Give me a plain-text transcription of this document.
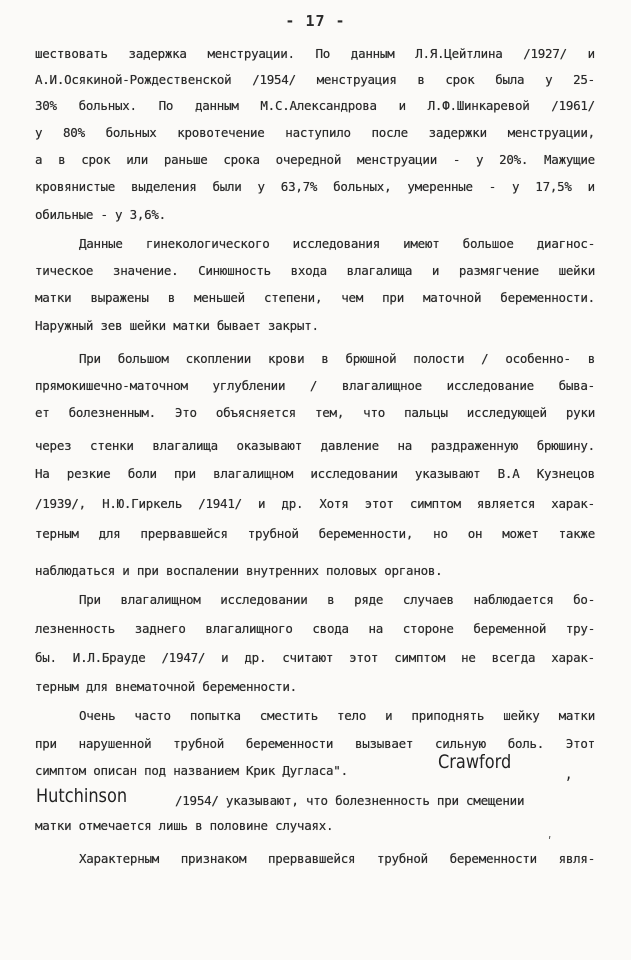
- 17 -
шествовать задержка менструации. По данным Л.Я.Цейтлина /1927/ и
А.И.Осякиной-Рождественской /1954/ менструация в срок была у 25-
30% больных. По данным М.С.Александрова и Л.Ф.Шинкаревой /1961/
у 80% больных кровотечение наступило после задержки менструации,
а в срок или раньше срока очередной менструации - у 20%. Мажущие
кровянистые выделения были у 63,7% больных, умеренные - у 17,5% и
обильные - у 3,6%.
Данные гинекологического исследования имеют большое диагнос-
тическое значение. Синюшность входа влагалища и размягчение шейки
матки выражены в меньшей степени, чем при маточной беременности.
Наружный зев шейки матки бывает закрыт.
При большом скоплении крови в брюшной полости / особенно- в
прямокишечно-маточном углублении / влагалищное исследование быва-
ет болезненным. Это объясняется тем, что пальцы исследующей руки
через стенки влагалища оказывают давление на раздраженную брюшину.
На резкие боли при влагалищном исследовании указывают В.А Кузнецов
/1939/, Н.Ю.Гиркель /1941/ и др. Хотя этот симптом является харак-
терным для прервавшейся трубной беременности, но он может также
наблюдаться и при воспалении внутренних половых органов.
При влагалищном исследовании в ряде случаев наблюдается бо-
лезненность заднего влагалищного свода на стороне беременной тру-
бы. И.Л.Брауде /1947/ и др. считают этот симптом не всегда харак-
терным для внематочной беременности.
Очень часто попытка сместить тело и приподнять шейку матки
при нарушенной трубной беременности вызывает сильную боль. Этот
симптом описан под названием Крик Дугласа".	Crawford	,
Hutchinson	/1954/ указывают, что болезненность при смещении
матки отмечается лишь в половине случаях.
ʹ
Характерным признаком прервавшейся трубной беременности явля-
